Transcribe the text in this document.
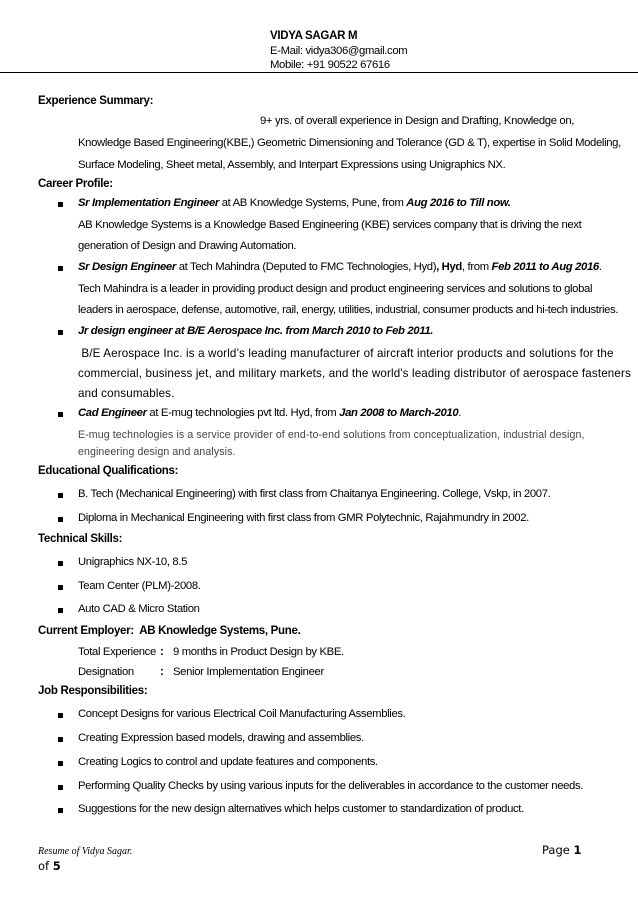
VIDYA SAGAR M
E-Mail: vidya306@gmail.com
Mobile: +91 90522 67616
Experience Summary:
9+ yrs. of overall experience in Design and Drafting, Knowledge on,
Knowledge Based Engineering(KBE,) Geometric Dimensioning and Tolerance (GD & T), expertise in Solid Modeling,
Surface Modeling, Sheet metal, Assembly, and Interpart Expressions using Unigraphics NX.
Career Profile:
Sr Implementation Engineer at AB Knowledge Systems, Pune, from Aug 2016 to Till now.
AB Knowledge Systems is a Knowledge Based Engineering (KBE) services company that is driving the next
generation of Design and Drawing Automation.
Sr Design Engineer at Tech Mahindra (Deputed to FMC Technologies, Hyd), Hyd, from Feb 2011 to Aug 2016.
Tech Mahindra is a leader in providing product design and product engineering services and solutions to global
leaders in aerospace, defense, automotive, rail, energy, utilities, industrial, consumer products and hi-tech industries.
Jr design engineer at B/E Aerospace Inc. from March 2010 to Feb 2011.
B/E Aerospace Inc. is a world’s leading manufacturer of aircraft interior products and solutions for the
commercial, business jet, and military markets, and the world's leading distributor of aerospace fasteners
and consumables.
Cad Engineer at E-mug technologies pvt ltd. Hyd, from Jan 2008 to March-2010.
E-mug technologies is a service provider of end-to-end solutions from conceptualization, industrial design,
engineering design and analysis.
Educational Qualifications:
B. Tech (Mechanical Engineering) with first class from Chaitanya Engineering. College, Vskp, in 2007.
Diploma in Mechanical Engineering with first class from GMR Polytechnic, Rajahmundry in 2002.
Technical Skills:
Unigraphics NX-10, 8.5
Team Center (PLM)-2008.
Auto CAD & Micro Station
Current Employer:  AB Knowledge Systems, Pune.
Total Experience : 9 months in Product Design by KBE.
Designation : Senior Implementation Engineer
Job Responsibilities:
Concept Designs for various Electrical Coil Manufacturing Assemblies.
Creating Expression based models, drawing and assemblies.
Creating Logics to control and update features and components.
Performing Quality Checks by using various inputs for the deliverables in accordance to the customer needs.
Suggestions for the new design alternatives which helps customer to standardization of product.
Resume of Vidya Sagar.	Page 1
of 5
